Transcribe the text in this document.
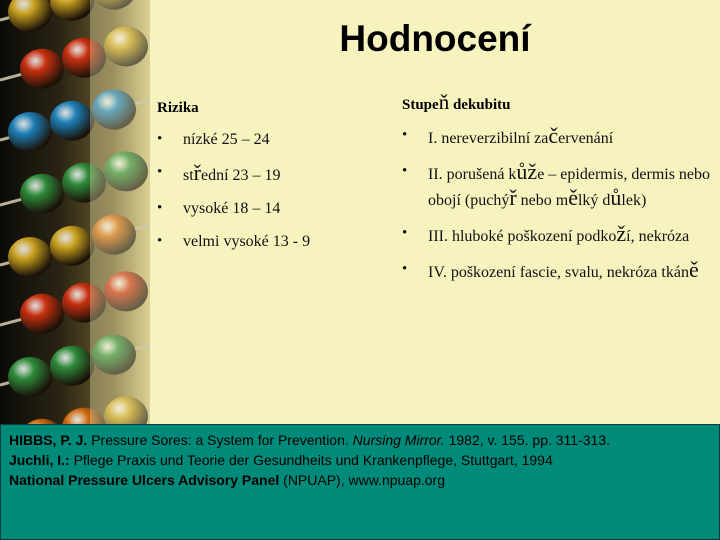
Hodnocení
Rizika
• nízké 25 – 24
• střední 23 – 19
• vysoké 18 – 14
• velmi vysoké 13 - 9
Stupeň dekubitu
• I. nereverzibilní začervenání
• II. porušená kůže – epidermis, dermis nebo obojí (puchýř nebo mělký důlek)
• III. hluboké poškození podkoží, nekróza
• IV. poškození fascie, svalu, nekróza tkáně
HIBBS, P. J. Pressure Sores: a System for Prevention. Nursing Mirror. 1982, v. 155. pp. 311-313.
Juchli, I.: Pflege Praxis und Teorie der Gesundheits und Krankenpflege, Stuttgart, 1994
National Pressure Ulcers Advisory Panel (NPUAP), www.npuap.org
